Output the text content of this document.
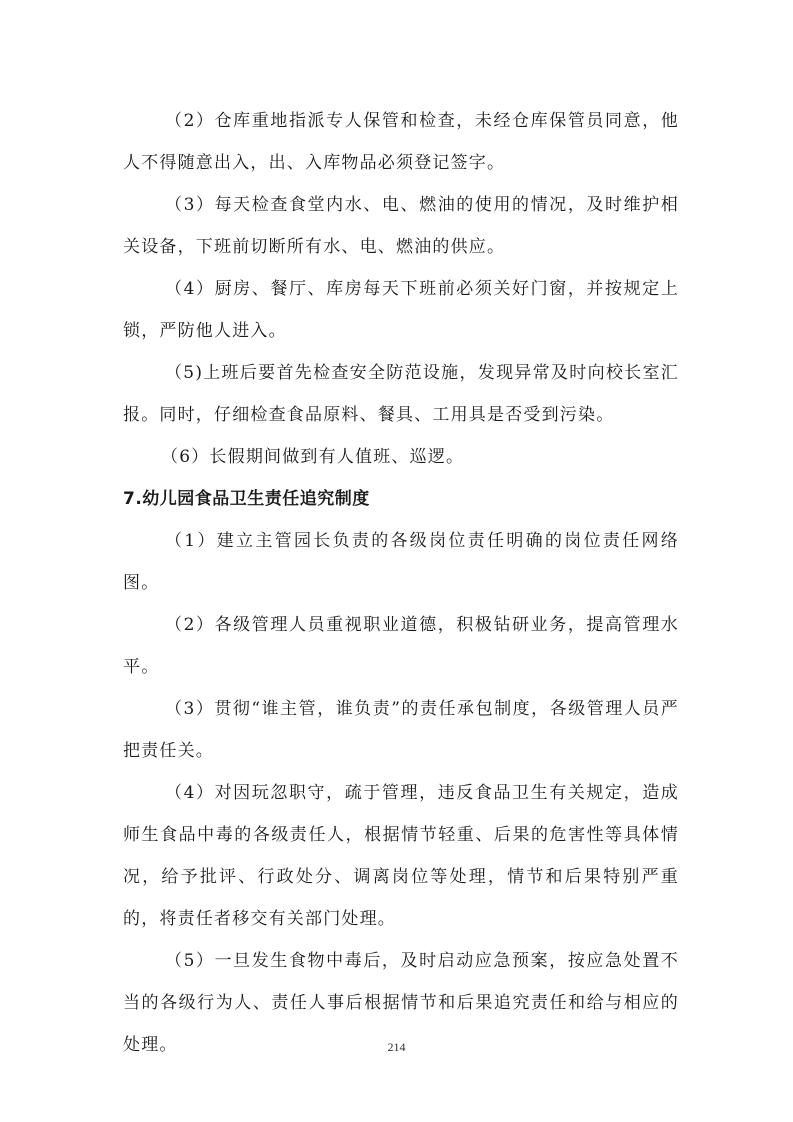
（2）仓库重地指派专人保管和检查，未经仓库保管员同意，他人不得随意出入，出、入库物品必须登记签字。

（3）每天检查食堂内水、电、燃油的使用的情况，及时维护相关设备，下班前切断所有水、电、燃油的供应。

（4）厨房、餐厅、库房每天下班前必须关好门窗，并按规定上锁，严防他人进入。

（5)上班后要首先检查安全防范设施，发现异常及时向校长室汇报。同时，仔细检查食品原料、餐具、工用具是否受到污染。

（6）长假期间做到有人值班、巡逻。

7.幼儿园食品卫生责任追究制度

（1）建立主管园长负责的各级岗位责任明确的岗位责任网络图。

（2）各级管理人员重视职业道德，积极钻研业务，提高管理水平。

（3）贯彻“谁主管，谁负责”的责任承包制度，各级管理人员严把责任关。

（4）对因玩忽职守，疏于管理，违反食品卫生有关规定，造成师生食品中毒的各级责任人，根据情节轻重、后果的危害性等具体情况，给予批评、行政处分、调离岗位等处理，情节和后果特别严重的，将责任者移交有关部门处理。

（5）一旦发生食物中毒后，及时启动应急预案，按应急处置不当的各级行为人、责任人事后根据情节和后果追究责任和给与相应的处理。	214
